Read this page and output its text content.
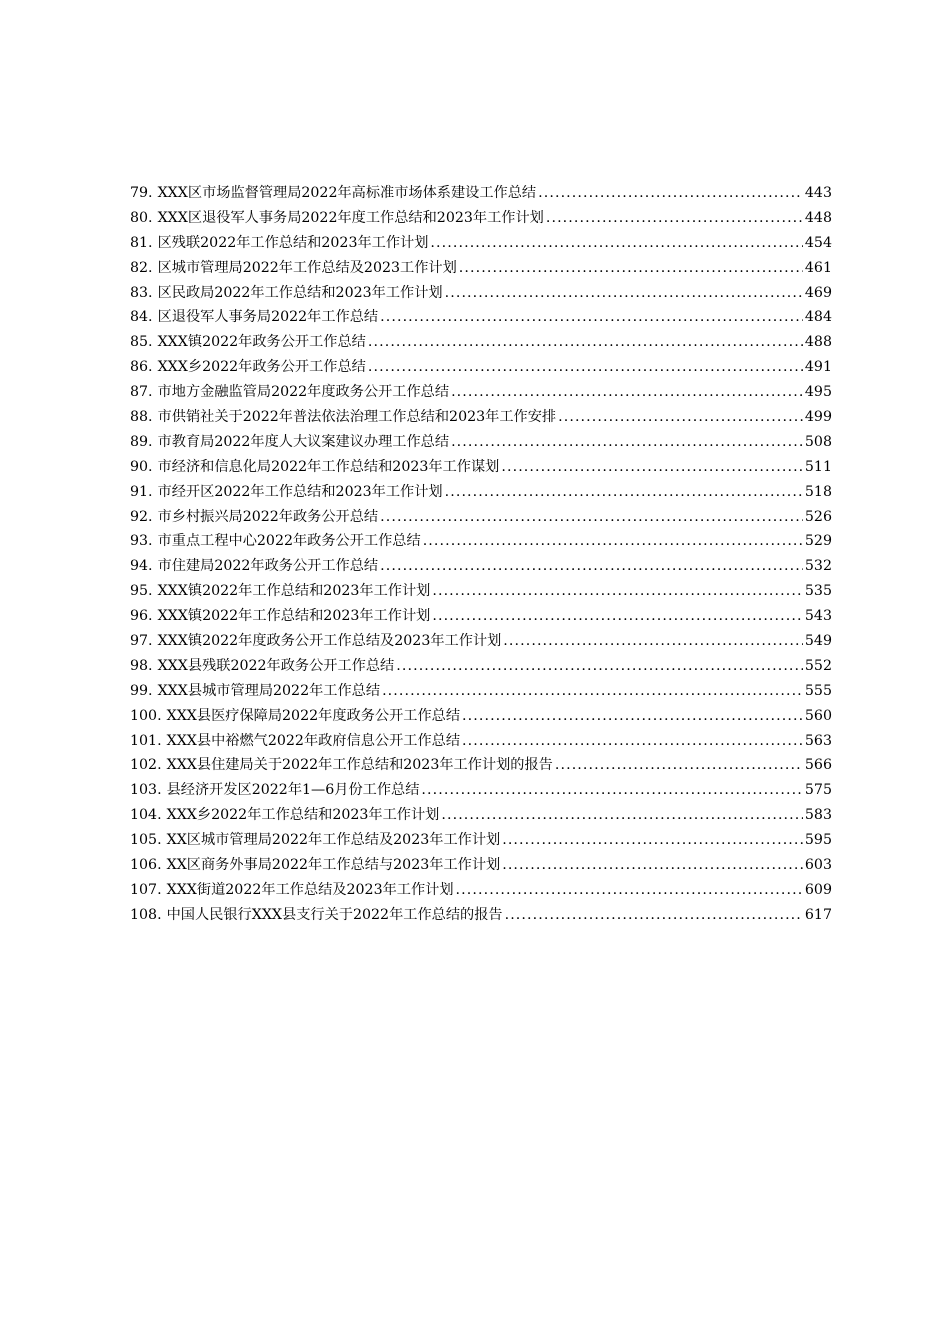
79. XXX区市场监督管理局2022年高标准市场体系建设工作总结 .....	443
80. XXX区退役军人事务局2022年度工作总结和2023年工作计划 .....	448
81. 区残联2022年工作总结和2023年工作计划 .....	454
82. 区城市管理局2022年工作总结及2023工作计划 .....	461
83. 区民政局2022年工作总结和2023年工作计划 .....	469
84. 区退役军人事务局2022年工作总结 .....	484
85. XXX镇2022年政务公开工作总结 .....	488
86. XXX乡2022年政务公开工作总结 .....	491
87. 市地方金融监管局2022年度政务公开工作总结 .....	495
88. 市供销社关于2022年普法依法治理工作总结和2023年工作安排 .....	499
89. 市教育局2022年度人大议案建议办理工作总结 .....	508
90. 市经济和信息化局2022年工作总结和2023年工作谋划 .....	511
91. 市经开区2022年工作总结和2023年工作计划 .....	518
92. 市乡村振兴局2022年政务公开总结 .....	526
93. 市重点工程中心2022年政务公开工作总结 .....	529
94. 市住建局2022年政务公开工作总结 .....	532
95. XXX镇2022年工作总结和2023年工作计划 .....	535
96. XXX镇2022年工作总结和2023年工作计划 .....	543
97. XXX镇2022年度政务公开工作总结及2023年工作计划 .....	549
98. XXX县残联2022年政务公开工作总结 .....	552
99. XXX县城市管理局2022年工作总结 .....	555
100. XXX县医疗保障局2022年度政务公开工作总结 .....	560
101. XXX县中裕燃气2022年政府信息公开工作总结 .....	563
102. XXX县住建局关于2022年工作总结和2023年工作计划的报告 .....	566
103. 县经济开发区2022年1—6月份工作总结 .....	575
104. XXX乡2022年工作总结和2023年工作计划 .....	583
105. XX区城市管理局2022年工作总结及2023年工作计划 .....	595
106. XX区商务外事局2022年工作总结与2023年工作计划 .....	603
107. XXX街道2022年工作总结及2023年工作计划 .....	609
108. 中国人民银行XXX县支行关于2022年工作总结的报告 .....	617
